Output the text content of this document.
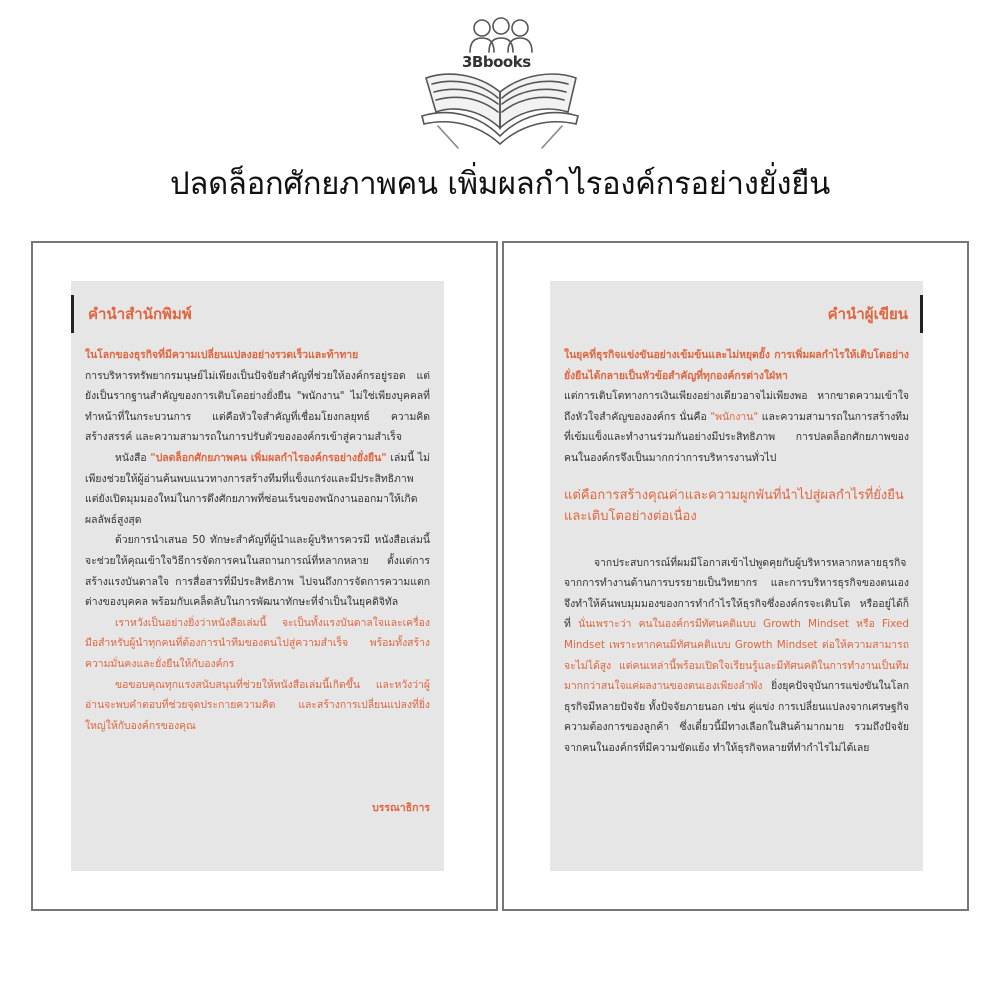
3Bbooks
ปลดล็อกศักยภาพคน เพิ่มผลกำไรองค์กรอย่างยั่งยืน
คำนำสำนักพิมพ์

ในโลกของธุรกิจที่มีความเปลี่ยนแปลงอย่างรวดเร็วและท้าทาย

การบริหารทรัพยากรมนุษย์ไม่เพียงเป็นปัจจัยสำคัญที่ช่วยให้องค์กรอยู่รอด แต่ยังเป็นรากฐานสำคัญของการเติบโตอย่างยั่งยืน "พนักงาน" ไม่ใช่เพียงบุคคลที่ทำหน้าที่ในกระบวนการ แต่คือหัวใจสำคัญที่เชื่อมโยงกลยุทธ์ ความคิดสร้างสรรค์ และความสามารถในการปรับตัวขององค์กรเข้าสู่ความสำเร็จ

หนังสือ "ปลดล็อกศักยภาพคน เพิ่มผลกำไรองค์กรอย่างยั่งยืน" เล่มนี้ ไม่เพียงช่วยให้ผู้อ่านค้นพบแนวทางการสร้างทีมที่แข็งแกร่งและมีประสิทธิภาพ แต่ยังเปิดมุมมองใหม่ในการดึงศักยภาพที่ซ่อนเร้นของพนักงานออกมาให้เกิดผลลัพธ์สูงสุด

ด้วยการนำเสนอ 50 ทักษะสำคัญที่ผู้นำและผู้บริหารควรมี หนังสือเล่มนี้จะช่วยให้คุณเข้าใจวิธีการจัดการคนในสถานการณ์ที่หลากหลาย ตั้งแต่การสร้างแรงบันดาลใจ การสื่อสารที่มีประสิทธิภาพ ไปจนถึงการจัดการความแตกต่างของบุคคล พร้อมกับเคล็ดลับในการพัฒนาทักษะที่จำเป็นในยุคดิจิทัล

เราหวังเป็นอย่างยิ่งว่าหนังสือเล่มนี้ จะเป็นทั้งแรงบันดาลใจและเครื่องมือสำหรับผู้นำทุกคนที่ต้องการนำทีมของตนไปสู่ความสำเร็จ พร้อมทั้งสร้างความมั่นคงและยั่งยืนให้กับองค์กร

ขอขอบคุณทุกแรงสนับสนุนที่ช่วยให้หนังสือเล่มนี้เกิดขึ้น และหวังว่าผู้อ่านจะพบคำตอบที่ช่วยจุดประกายความคิด และสร้างการเปลี่ยนแปลงที่ยิ่งใหญ่ให้กับองค์กรของคุณ

บรรณาธิการ
คำนำผู้เขียน

ในยุคที่ธุรกิจแข่งขันอย่างเข้มข้นและไม่หยุดยั้ง การเพิ่มผลกำไรให้เติบโตอย่างยั่งยืนได้กลายเป็นหัวข้อสำคัญที่ทุกองค์กรต่างใฝ่หา

แต่การเติบโตทางการเงินเพียงอย่างเดียวอาจไม่เพียงพอ หากขาดความเข้าใจถึงหัวใจสำคัญขององค์กร นั่นคือ "พนักงาน" และความสามารถในการสร้างทีมที่เข้มแข็งและทำงานร่วมกันอย่างมีประสิทธิภาพ การปลดล็อกศักยภาพของคนในองค์กรจึงเป็นมากกว่าการบริหารงานทั่วไป

แต่คือการสร้างคุณค่าและความผูกพันที่นำไปสู่ผลกำไรที่ยั่งยืนและเติบโตอย่างต่อเนื่อง

จากประสบการณ์ที่ผมมีโอกาสเข้าไปพูดคุยกับผู้บริหารหลากหลายธุรกิจ จากการทำงานด้านการบรรยายเป็นวิทยากร และการบริหารธุรกิจของตนเอง จึงทำให้ค้นพบมุมมองของการทำกำไรให้ธุรกิจซึ่งองค์กรจะเติบโต หรืออยู่ได้ก็ที่ นั่นเพราะว่า คนในองค์กรมีทัศนคติแบบ Growth Mindset หรือ Fixed Mindset เพราะหากคนมีทัศนคติแบบ Growth Mindset ต่อให้ความสามารถจะไม่ได้สูง แต่คนเหล่านี้พร้อมเปิดใจเรียนรู้และมีทัศนคติในการทำงานเป็นทีมมากกว่าสนใจแค่ผลงานของตนเองเพียงลำพัง ยิ่งยุคปัจจุบันการแข่งขันในโลกธุรกิจมีหลายปัจจัย ทั้งปัจจัยภายนอก เช่น คู่แข่ง การเปลี่ยนแปลงจากเศรษฐกิจ ความต้องการของลูกค้า ซึ่งเดี๋ยวนี้มีทางเลือกในสินค้ามากมาย รวมถึงปัจจัยจากคนในองค์กรที่มีความขัดแย้ง ทำให้ธุรกิจหลายที่ทำกำไรไม่ได้เลย
